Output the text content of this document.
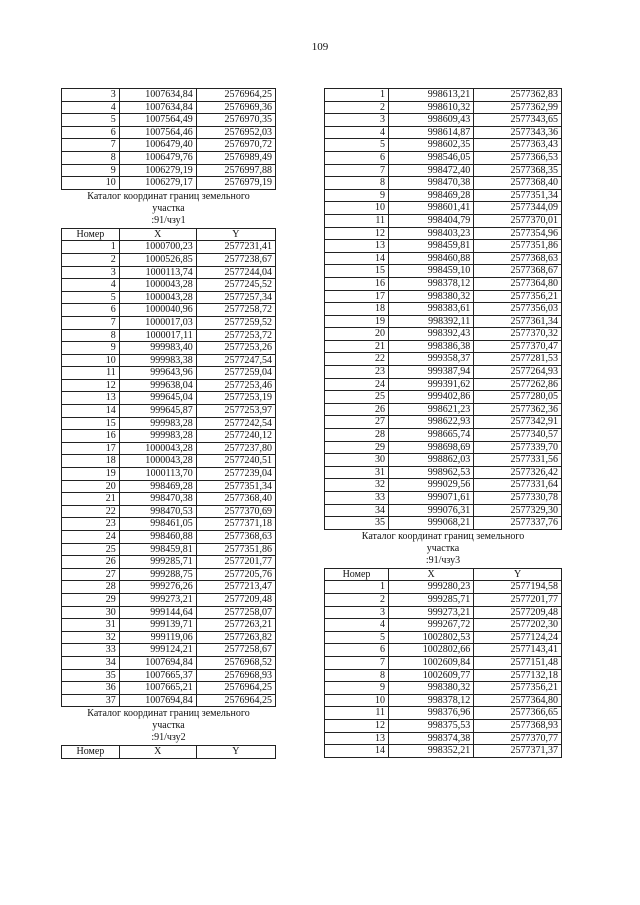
109
3	1007634,84	2576964,25
4	1007634,84	2576969,36
5	1007564,49	2576970,35
6	1007564,46	2576952,03
7	1006479,40	2576970,72
8	1006479,76	2576989,49
9	1006279,19	2576997,88
10	1006279,17	2576979,19
Каталог координат границ земельного
участка
:91/чзу1
Номер	X	Y
1	1000700,23	2577231,41
2	1000526,85	2577238,67
3	1000113,74	2577244,04
4	1000043,28	2577245,52
5	1000043,28	2577257,34
6	1000040,96	2577258,72
7	1000017,03	2577259,52
8	1000017,11	2577253,72
9	999983,40	2577253,26
10	999983,38	2577247,54
11	999643,96	2577259,04
12	999638,04	2577253,46
13	999645,04	2577253,19
14	999645,87	2577253,97
15	999983,28	2577242,54
16	999983,28	2577240,12
17	1000043,28	2577237,80
18	1000043,28	2577240,51
19	1000113,70	2577239,04
20	998469,28	2577351,34
21	998470,38	2577368,40
22	998470,53	2577370,69
23	998461,05	2577371,18
24	998460,88	2577368,63
25	998459,81	2577351,86
26	999285,71	2577201,77
27	999288,75	2577205,76
28	999276,26	2577213,47
29	999273,21	2577209,48
30	999144,64	2577258,07
31	999139,71	2577263,21
32	999119,06	2577263,82
33	999124,21	2577258,67
34	1007694,84	2576968,52
35	1007665,37	2576968,93
36	1007665,21	2576964,25
37	1007694,84	2576964,25
Каталог координат границ земельного
участка
:91/чзу2
Номер	X	Y
1	998613,21	2577362,83
2	998610,32	2577362,99
3	998609,43	2577343,65
4	998614,87	2577343,36
5	998602,35	2577363,43
6	998546,05	2577366,53
7	998472,40	2577368,35
8	998470,38	2577368,40
9	998469,28	2577351,34
10	998601,41	2577344,09
11	998404,79	2577370,01
12	998403,23	2577354,96
13	998459,81	2577351,86
14	998460,88	2577368,63
15	998459,10	2577368,67
16	998378,12	2577364,80
17	998380,32	2577356,21
18	998383,61	2577356,03
19	998392,11	2577361,34
20	998392,43	2577370,32
21	998386,38	2577370,47
22	999358,37	2577281,53
23	999387,94	2577264,93
24	999391,62	2577262,86
25	999402,86	2577280,05
26	998621,23	2577362,36
27	998622,93	2577342,91
28	998665,74	2577340,57
29	998698,69	2577339,70
30	998862,03	2577331,56
31	998962,53	2577326,42
32	999029,56	2577331,64
33	999071,61	2577330,78
34	999076,31	2577329,30
35	999068,21	2577337,76
Каталог координат границ земельного
участка
:91/чзу3
Номер	X	Y
1	999280,23	2577194,58
2	999285,71	2577201,77
3	999273,21	2577209,48
4	999267,72	2577202,30
5	1002802,53	2577124,24
6	1002802,66	2577143,41
7	1002609,84	2577151,48
8	1002609,77	2577132,18
9	998380,32	2577356,21
10	998378,12	2577364,80
11	998376,96	2577366,65
12	998375,53	2577368,93
13	998374,38	2577370,77
14	998352,21	2577371,37
